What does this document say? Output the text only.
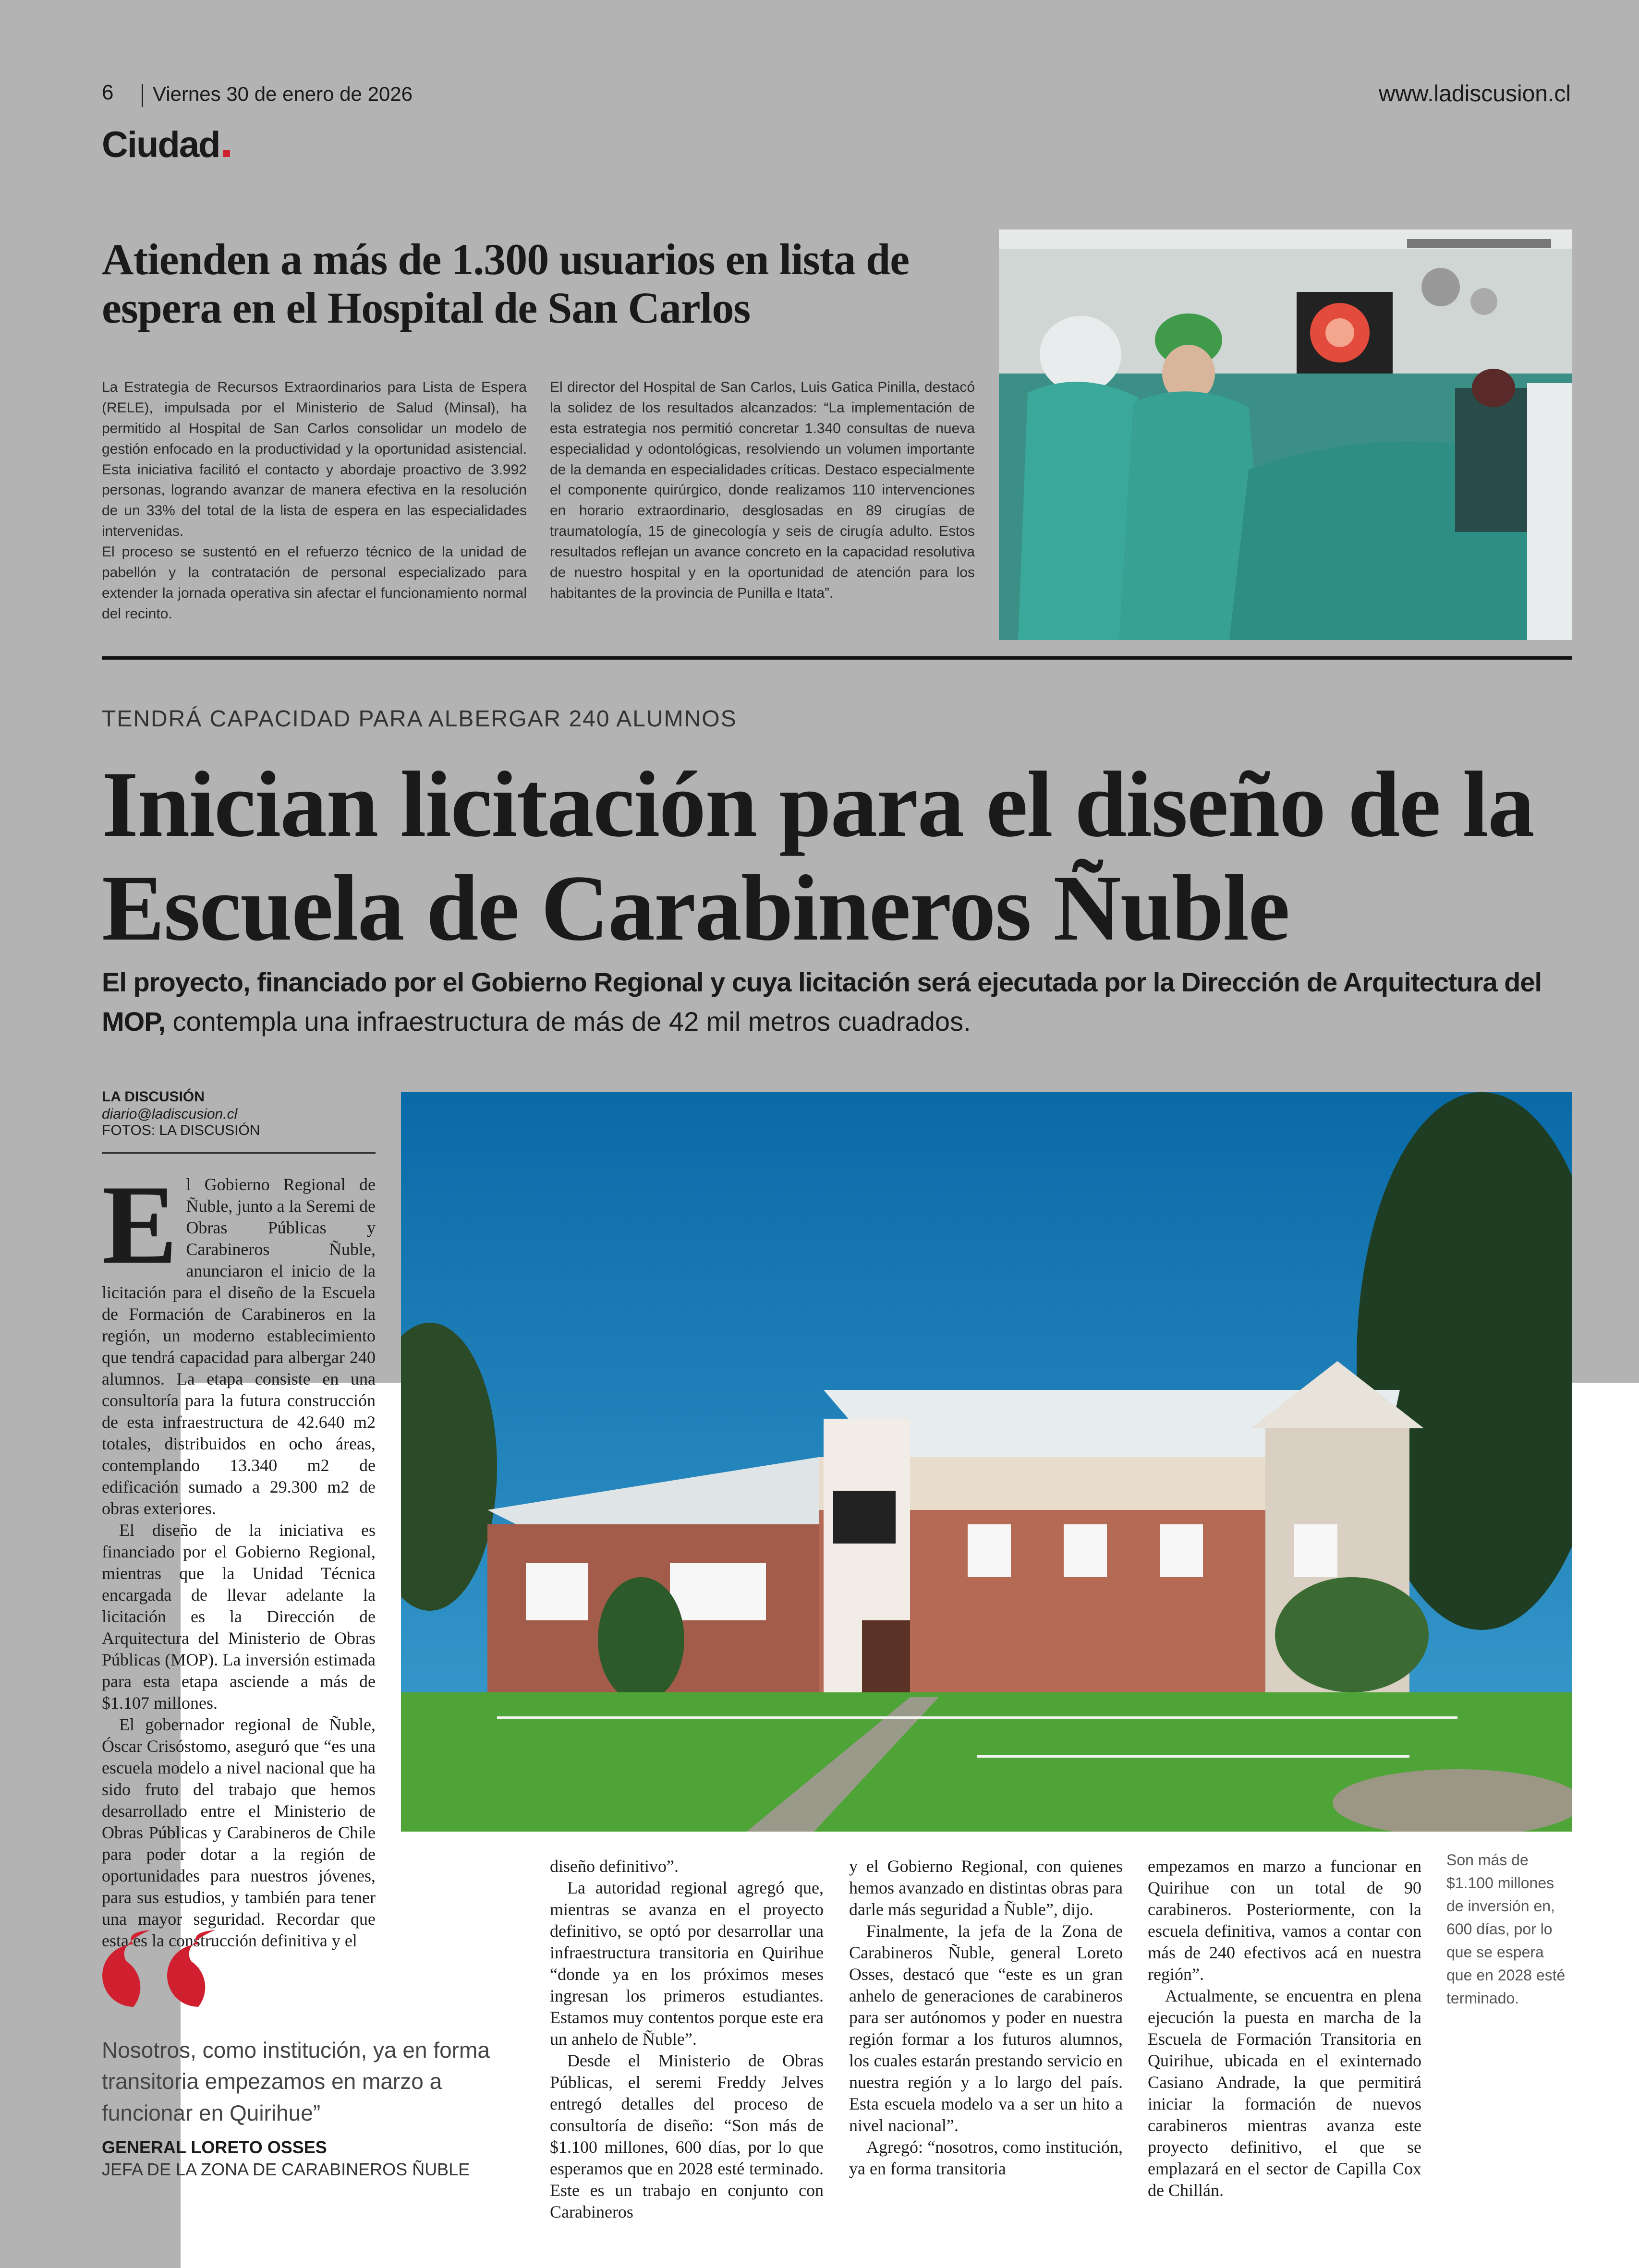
6 Viernes 30 de enero de 2026	www.ladiscusion.cl
Ciudad
Atienden a más de 1.300 usuarios en lista de espera en el Hospital de San Carlos
La Estrategia de Recursos Extraordinarios para Lista de Espera (RELE), impulsada por el Ministerio de Salud (Minsal), ha permitido al Hospital de San Carlos consolidar un modelo de gestión enfocado en la productividad y la oportunidad asistencial. Esta iniciativa facilitó el contacto y abordaje proactivo de 3.992 personas, logrando avanzar de manera efectiva en la resolución de un 33% del total de la lista de espera en las especialidades intervenidas.
El proceso se sustentó en el refuerzo técnico de la unidad de pabellón y la contratación de personal especializado para extender la jornada operativa sin afectar el funcionamiento normal del recinto.
El director del Hospital de San Carlos, Luis Gatica Pinilla, destacó la solidez de los resultados alcanzados: “La implementación de esta estrategia nos permitió concretar 1.340 consultas de nueva especialidad y odontológicas, resolviendo un volumen importante de la demanda en especialidades críticas. Destaco especialmente el componente quirúrgico, donde realizamos 110 intervenciones en horario extraordinario, desglosadas en 89 cirugías de traumatología, 15 de ginecología y seis de cirugía adulto. Estos resultados reflejan un avance concreto en la capacidad resolutiva de nuestro hospital y en la oportunidad de atención para los habitantes de la provincia de Punilla e Itata”.
TENDRÁ CAPACIDAD PARA ALBERGAR 240 ALUMNOS
Inician licitación para el diseño de la Escuela de Carabineros Ñuble
El proyecto, financiado por el Gobierno Regional y cuya licitación será ejecutada por la Dirección de Arquitectura del MOP, contempla una infraestructura de más de 42 mil metros cuadrados.
LA DISCUSIÓN
diario@ladiscusion.cl
FOTOS: LA DISCUSIÓN

El Gobierno Regional de Ñuble, junto a la Seremi de Obras Públicas y Carabineros Ñuble, anunciaron el inicio de la licitación para el diseño de la Escuela de Formación de Carabineros en la región, un moderno establecimiento que tendrá capacidad para albergar 240 alumnos. La etapa consiste en una consultoría para la futura construcción de esta infraestructura de 42.640 m2 totales, distribuidos en ocho áreas, contemplando 13.340 m2 de edificación sumado a 29.300 m2 de obras exteriores.

El diseño de la iniciativa es financiado por el Gobierno Regional, mientras que la Unidad Técnica encargada de llevar adelante la licitación es la Dirección de Arquitectura del Ministerio de Obras Públicas (MOP). La inversión estimada para esta etapa asciende a más de $1.107 millones.

El gobernador regional de Ñuble, Óscar Crisóstomo, aseguró que “es una escuela modelo a nivel nacional que ha sido fruto del trabajo que hemos desarrollado entre el Ministerio de Obras Públicas y Carabineros de Chile para poder dotar a la región de oportunidades para nuestros jóvenes, para sus estudios, y también para tener una mayor seguridad. Recordar que esta es la construcción definitiva y el

diseño definitivo”.

La autoridad regional agregó que, mientras se avanza en el proyecto definitivo, se optó por desarrollar una infraestructura transitoria en Quirihue “donde ya en los próximos meses ingresan los primeros estudiantes. Estamos muy contentos porque este era un anhelo de Ñuble”.

Desde el Ministerio de Obras Públicas, el seremi Freddy Jelves entregó detalles del proceso de consultoría de diseño: “Son más de $1.100 millones, 600 días, por lo que esperamos que en 2028 esté terminado. Este es un trabajo en conjunto con Carabineros

y el Gobierno Regional, con quienes hemos avanzado en distintas obras para darle más seguridad a Ñuble”, dijo.

Finalmente, la jefa de la Zona de Carabineros Ñuble, general Loreto Osses, destacó que “este es un gran anhelo de generaciones de carabineros para ser autónomos y poder en nuestra región formar a los futuros alumnos, los cuales estarán prestando servicio en nuestra región y a lo largo del país. Esta escuela modelo va a ser un hito a nivel nacional”.

Agregó: “nosotros, como institución, ya en forma transitoria

empezamos en marzo a funcionar en Quirihue con un total de 90 carabineros. Posteriormente, con la escuela definitiva, vamos a contar con más de 240 efectivos acá en nuestra región”.

Actualmente, se encuentra en plena ejecución la puesta en marcha de la Escuela de Formación Transitoria en Quirihue, ubicada en el exinternado Casiano Andrade, la que permitirá iniciar la formación de nuevos carabineros mientras avanza este proyecto definitivo, el que se emplazará en el sector de Capilla Cox de Chillán.

Son más de $1.100 millones de inversión en, 600 días, por lo que se espera que en 2028 esté terminado.
Nosotros, como institución, ya en forma transitoria empezamos en marzo a funcionar en Quirihue”
GENERAL LORETO OSSES
JEFA DE LA ZONA DE CARABINEROS ÑUBLE
